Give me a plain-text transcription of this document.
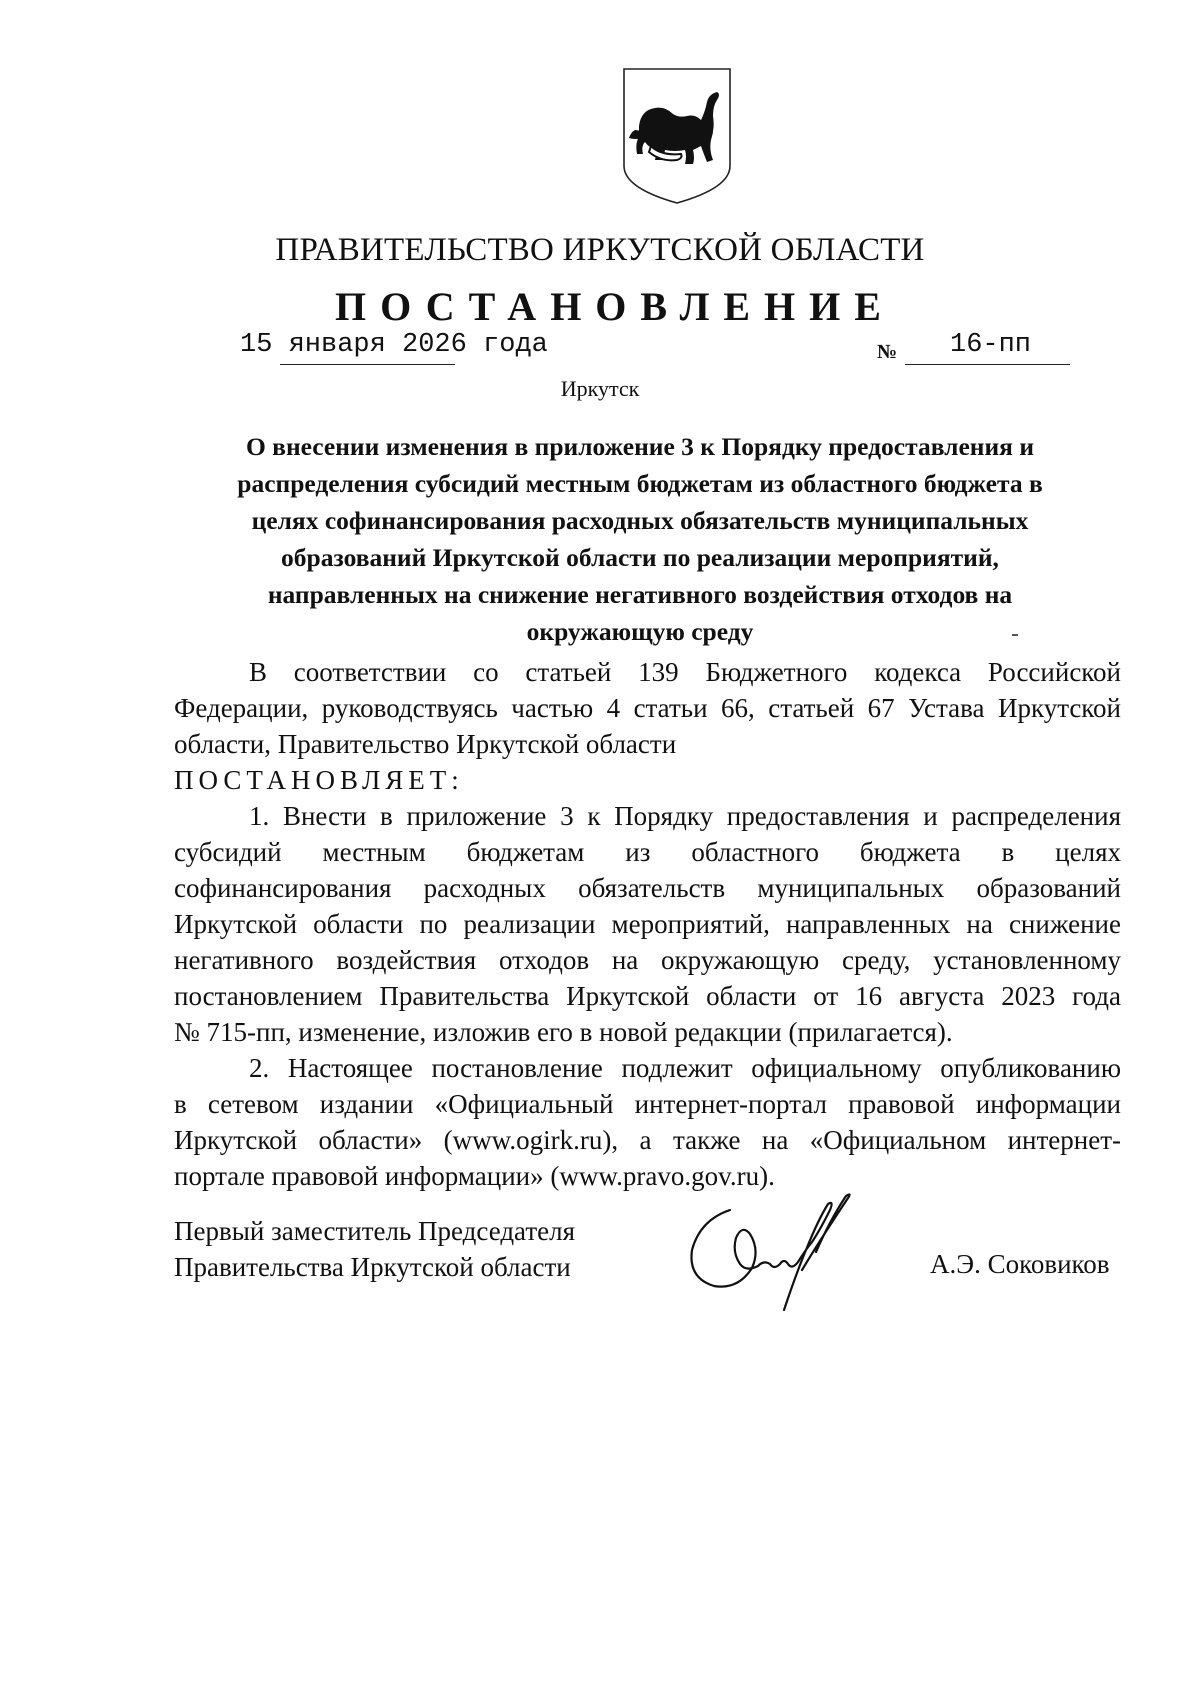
ПРАВИТЕЛЬСТВО ИРКУТСКОЙ ОБЛАСТИ
ПОСТАНОВЛЕНИЕ
15 января 2026 года	№ 16-пп
Иркутск
О внесении изменения в приложение 3 к Порядку предоставления и
распределения субсидий местным бюджетам из областного бюджета в
целях софинансирования расходных обязательств муниципальных
образований Иркутской области по реализации мероприятий,
направленных на снижение негативного воздействия отходов на
окружающую среду
В соответствии со статьей 139 Бюджетного кодекса Российской
Федерации, руководствуясь частью 4 статьи 66, статьей 67 Устава Иркутской
области, Правительство Иркутской области
ПОСТАНОВЛЯЕТ:
1. Внести в приложение 3 к Порядку предоставления и распределения
субсидий местным бюджетам из областного бюджета в целях
софинансирования расходных обязательств муниципальных образований
Иркутской области по реализации мероприятий, направленных на снижение
негативного воздействия отходов на окружающую среду, установленному
постановлением Правительства Иркутской области от 16 августа 2023 года
№ 715-пп, изменение, изложив его в новой редакции (прилагается).
2. Настоящее постановление подлежит официальному опубликованию
в сетевом издании «Официальный интернет-портал правовой информации
Иркутской области» (www.ogirk.ru), а также на «Официальном интернет-
портале правовой информации» (www.pravo.gov.ru).
Первый заместитель Председателя
Правительства Иркутской области	А.Э. Соковиков
